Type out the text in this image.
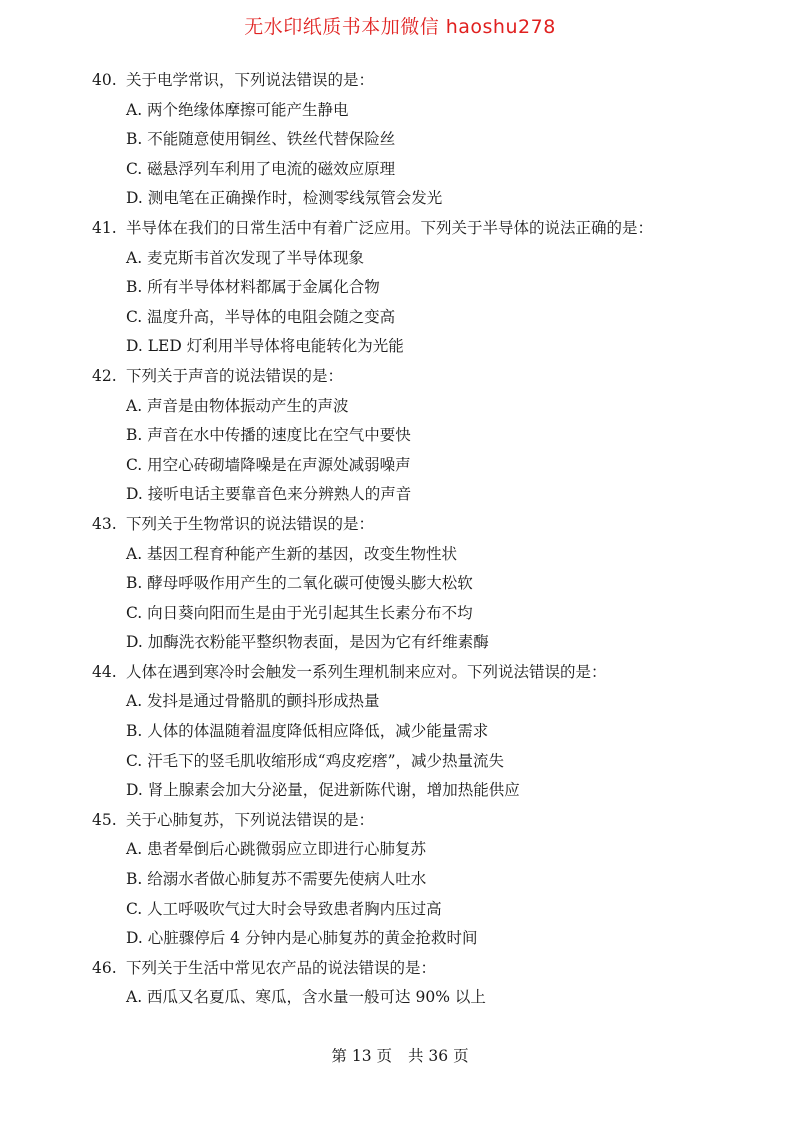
无水印纸质书本加微信 haoshu278
40. 关于电学常识，下列说法错误的是：
A. 两个绝缘体摩擦可能产生静电
B. 不能随意使用铜丝、铁丝代替保险丝
C. 磁悬浮列车利用了电流的磁效应原理
D. 测电笔在正确操作时，检测零线氖管会发光
41. 半导体在我们的日常生活中有着广泛应用。下列关于半导体的说法正确的是：
A. 麦克斯韦首次发现了半导体现象
B. 所有半导体材料都属于金属化合物
C. 温度升高，半导体的电阻会随之变高
D. LED 灯利用半导体将电能转化为光能
42. 下列关于声音的说法错误的是：
A. 声音是由物体振动产生的声波
B. 声音在水中传播的速度比在空气中要快
C. 用空心砖砌墙降噪是在声源处减弱噪声
D. 接听电话主要靠音色来分辨熟人的声音
43. 下列关于生物常识的说法错误的是：
A. 基因工程育种能产生新的基因，改变生物性状
B. 酵母呼吸作用产生的二氧化碳可使馒头膨大松软
C. 向日葵向阳而生是由于光引起其生长素分布不均
D. 加酶洗衣粉能平整织物表面，是因为它有纤维素酶
44. 人体在遇到寒冷时会触发一系列生理机制来应对。下列说法错误的是：
A. 发抖是通过骨骼肌的颤抖形成热量
B. 人体的体温随着温度降低相应降低，减少能量需求
C. 汗毛下的竖毛肌收缩形成“鸡皮疙瘩”，减少热量流失
D. 肾上腺素会加大分泌量，促进新陈代谢，增加热能供应
45. 关于心肺复苏，下列说法错误的是：
A. 患者晕倒后心跳微弱应立即进行心肺复苏
B. 给溺水者做心肺复苏不需要先使病人吐水
C. 人工呼吸吹气过大时会导致患者胸内压过高
D. 心脏骤停后 4 分钟内是心肺复苏的黄金抢救时间
46. 下列关于生活中常见农产品的说法错误的是：
A. 西瓜又名夏瓜、寒瓜，含水量一般可达 90% 以上
第 13 页 共 36 页
